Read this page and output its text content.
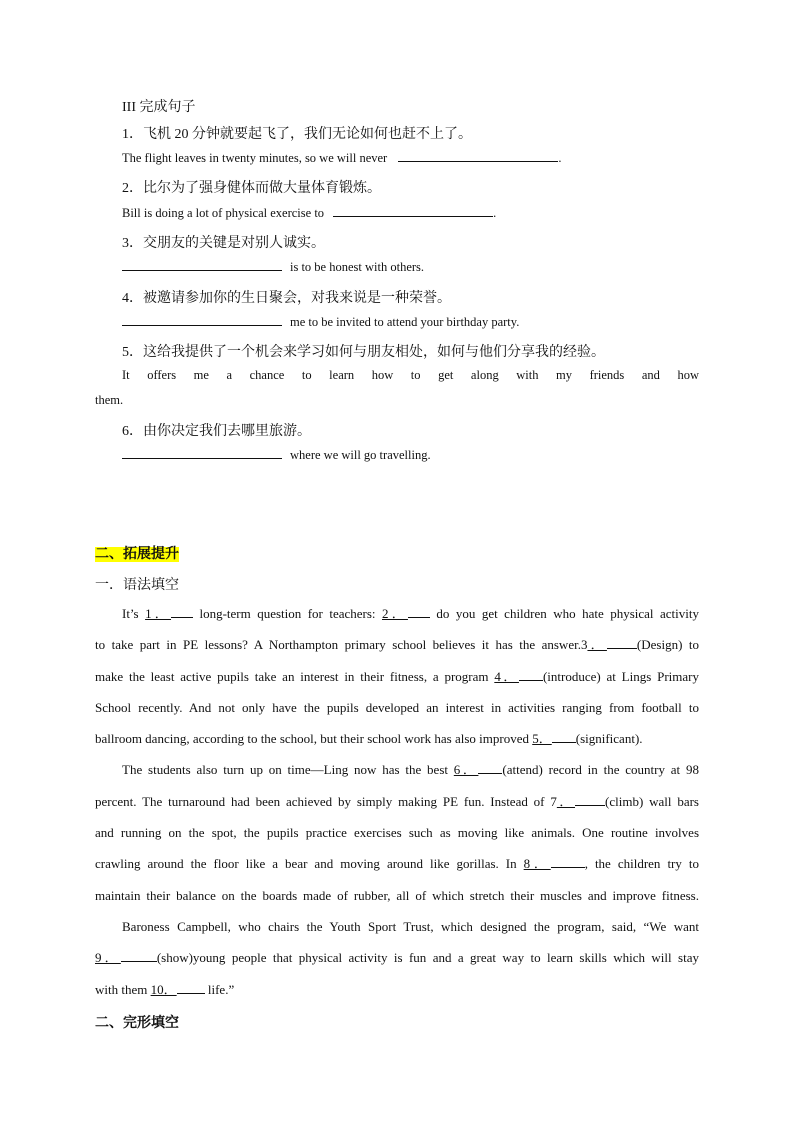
III 完成句子
1．飞机 20 分钟就要起飞了，我们无论如何也赶不上了。
The flight leaves in twenty minutes, so we will never	.
2．比尔为了强身健体而做大量体育锻炼。
Bill is doing a lot of physical exercise to	.
3．交朋友的关键是对别人诚实。
is to be honest with others.
4．被邀请参加你的生日聚会，对我来说是一种荣誉。
me to be invited to attend your birthday party.
5．这给我提供了一个机会来学习如何与朋友相处，如何与他们分享我的经验。
It offers me a chance to learn how to get along with my friends and how
them.
6．由你决定我们去哪里旅游。
where we will go travelling.
二、拓展提升
一．语法填空
It’s 1． long-term question for teachers: 2． do you get children who hate physical activity
to take part in PE lessons? A Northampton primary school believes it has the answer.3． (Design) to
make the least active pupils take an interest in their fitness, a program 4． (introduce) at Lings Primary
School recently. And not only have the pupils developed an interest in activities ranging from football to
ballroom dancing, according to the school, but their school work has also improved 5． (significant).
The students also turn up on time—Ling now has the best 6． (attend) record in the country at 98
percent. The turnaround had been achieved by simply making PE fun. Instead of 7． (climb) wall bars
and running on the spot, the pupils practice exercises such as moving like animals. One routine involves
crawling around the floor like a bear and moving around like gorillas. In 8．	, the children try to
maintain their balance on the boards made of rubber, all of which stretch their muscles and improve fitness.
Baroness Campbell, who chairs the Youth Sport Trust, which designed the program, said, “We want
9．	(show)young people that physical activity is fun and a great way to learn skills which will stay
with them 10． life.”
二、完形填空
